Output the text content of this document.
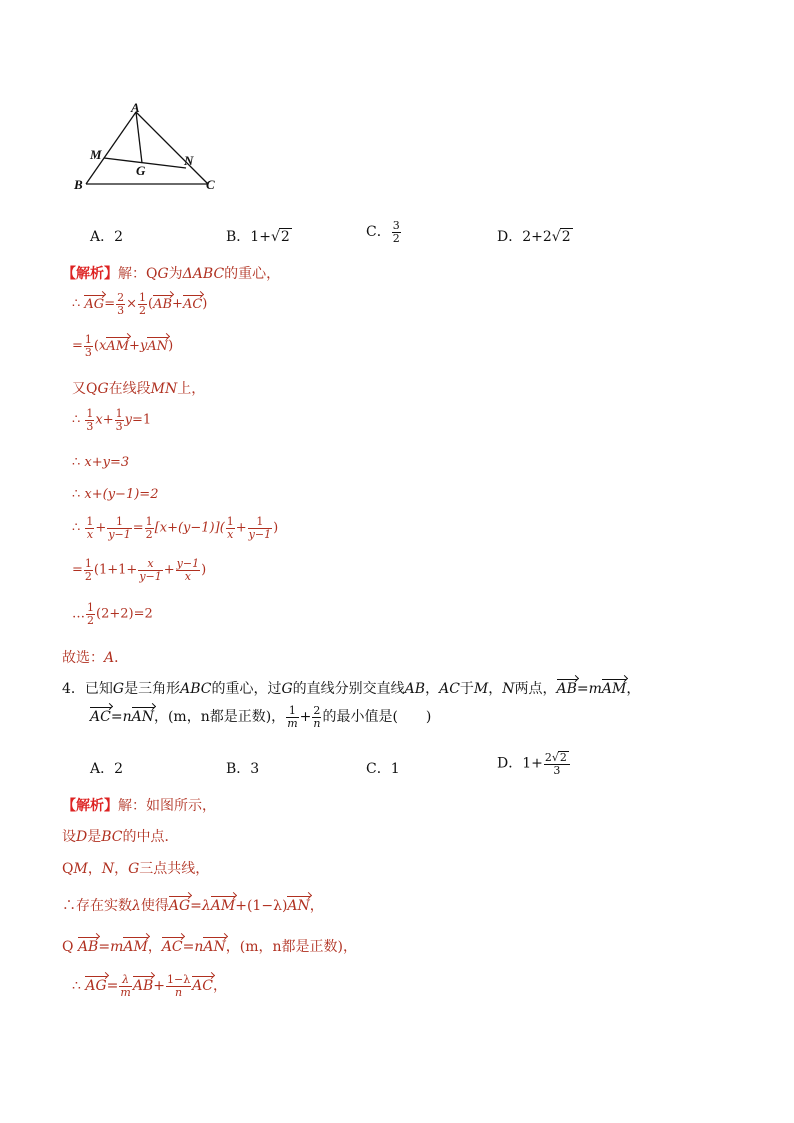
A
M	N
G
B	C
A．2	B．1+√2	C． $\frac{3}{2}$	D．2+2√2
【解析】解：QG为ΔABC的重心，
∴ $AG= \frac{2}{3} \times \frac{1}{2} (AB+AC)$
= $\frac{1}{3} (xAM+yAN)$
又QG在线段MN上，
∴ $\frac{1}{3} x+ \frac{1}{3} y=1$
∴ x+y=3
∴ x+(y−1)=2
∴ $\frac{1}{x} + \frac{1}{y-1} = \frac{1}{2} [x+(y-1)]( \frac{1}{x} + \frac{1}{y-1}$ )
= $\frac{1}{2} (1+1+ \frac{x}{y-1} + \frac{y-1}{x}$ )
… $\frac{1}{2} (2+2)=2$
故选：A．
4．已知G是三角形ABC的重心，过G的直线分别交直线AB，AC于M，N两点，AB=mAM，
AC=nAN，(m，n都是正数)， $\frac{1}{m} + \frac{2}{n}$ 的最小值是(　　)
A．2	B．3	C．1	D．$1+ \frac{2√2}{3}$
【解析】解：如图所示，
设D是BC的中点．
QM，N，G三点共线，
∴存在实数λ使得AG=λAM+(1−λ)AN，
Q AB=mAM，AC=nAN，(m，n都是正数)，
∴ $AG= \frac{\lambda}{m} AB+ \frac{1-\lambda}{n}$ AC，
